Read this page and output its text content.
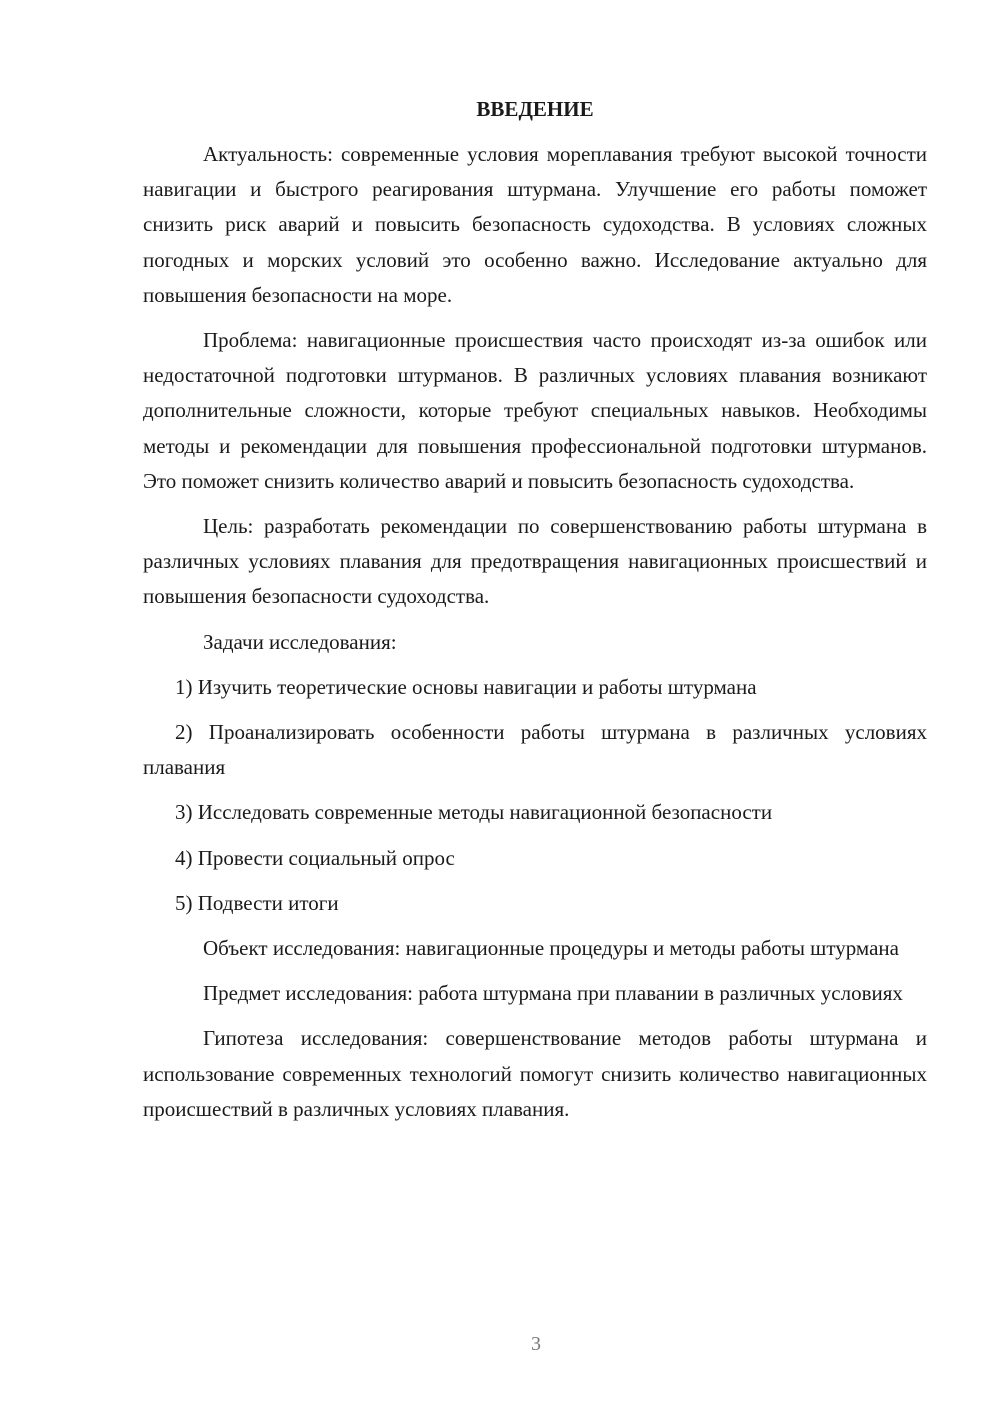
ВВЕДЕНИЕ

Актуальность: современные условия мореплавания требуют высокой точности навигации и быстрого реагирования штурмана. Улучшение его работы поможет снизить риск аварий и повысить безопасность судоходства. В условиях сложных погодных и морских условий это особенно важно. Исследование актуально для повышения безопасности на море.

Проблема: навигационные происшествия часто происходят из-за ошибок или недостаточной подготовки штурманов. В различных условиях плавания возникают дополнительные сложности, которые требуют специальных навыков. Необходимы методы и рекомендации для повышения профессиональной подготовки штурманов. Это поможет снизить количество аварий и повысить безопасность судоходства.

Цель: разработать рекомендации по совершенствованию работы штурмана в различных условиях плавания для предотвращения навигационных происшествий и повышения безопасности судоходства.

Задачи исследования:

1) Изучить теоретические основы навигации и работы штурмана

2) Проанализировать особенности работы штурмана в различных условиях плавания

3) Исследовать современные методы навигационной безопасности

4) Провести социальный опрос

5) Подвести итоги

Объект исследования: навигационные процедуры и методы работы штурмана

Предмет исследования: работа штурмана при плавании в различных условиях

Гипотеза исследования: совершенствование методов работы штурмана и использование современных технологий помогут снизить количество навигационных происшествий в различных условиях плавания.

3
